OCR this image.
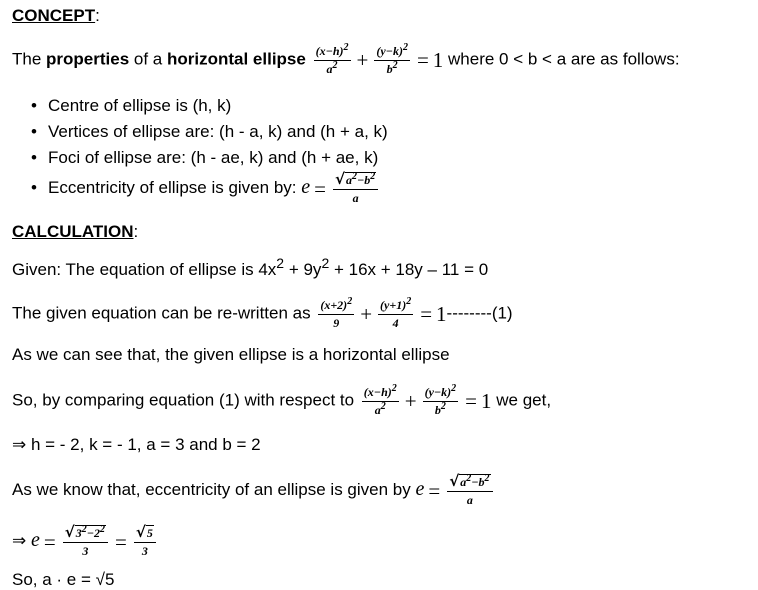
CONCEPT:
The properties of a horizontal ellipse $\frac{(x-h)^2}{a^2} + \frac{(y-k)^2}{b^2} = 1$ where 0 < b < a are as follows:
• Centre of ellipse is (h, k)
• Vertices of ellipse are: (h - a, k) and (h + a, k)
• Foci of ellipse are: (h - ae, k) and (h + ae, k)
• Eccentricity of ellipse is given by: $e = \frac{√a^2-b^2}{a}$
CALCULATION:
Given: The equation of ellipse is $4x^2 + 9y^2 + 16x + 18y - 11 = 0$
The given equation can be re-written as $\frac{(x+2)^2}{9} + \frac{(y+1)^2}{4} = 1--------(1)$
As we can see that, the given ellipse is a horizontal ellipse
So, by comparing equation (1) with respect to $\frac{(x-h)^2}{a^2} + \frac{(y-k)^2}{b^2} = 1$ we get,
⇒ h = - 2, k = - 1, a = 3 and b = 2
As we know that, eccentricity of an ellipse is given by $e = \frac{√a^2-b^2}{a}$
⇒ $e = \frac{√3^2-2^2}{3} = \frac{√5}{3}$
So, a · e = √5
